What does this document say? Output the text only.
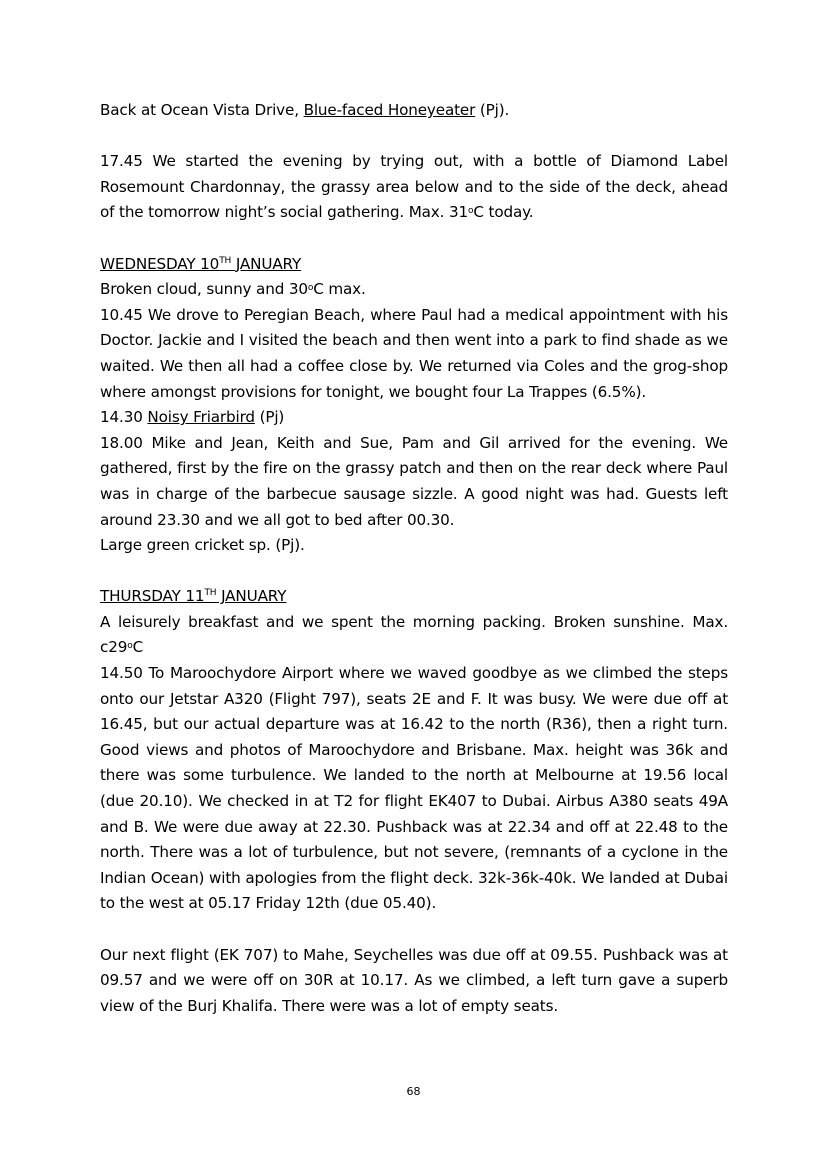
Back at Ocean Vista Drive, Blue-faced Honeyeater (Pj).

17.45 We started the evening by trying out, with a bottle of Diamond Label Rosemount Chardonnay, the grassy area below and to the side of the deck, ahead of the tomorrow night’s social gathering. Max. 31$^o$C today.

WEDNESDAY 10TH JANUARY

Broken cloud, sunny and 30$^o$C max.

10.45 We drove to Peregian Beach, where Paul had a medical appointment with his Doctor. Jackie and I visited the beach and then went into a park to find shade as we waited. We then all had a coffee close by. We returned via Coles and the grog-shop where amongst provisions for tonight, we bought four La Trappes (6.5%).

14.30 Noisy Friarbird (Pj)

18.00 Mike and Jean, Keith and Sue, Pam and Gil arrived for the evening. We gathered, first by the fire on the grassy patch and then on the rear deck where Paul was in charge of the barbecue sausage sizzle. A good night was had. Guests left around 23.30 and we all got to bed after 00.30.

Large green cricket sp. (Pj).

THURSDAY 11TH JANUARY

A leisurely breakfast and we spent the morning packing. Broken sunshine. Max. c29$^o$C

14.50 To Maroochydore Airport where we waved goodbye as we climbed the steps onto our Jetstar A320 (Flight 797), seats 2E and F. It was busy. We were due off at 16.45, but our actual departure was at 16.42 to the north (R36), then a right turn. Good views and photos of Maroochydore and Brisbane. Max. height was 36k and there was some turbulence. We landed to the north at Melbourne at 19.56 local (due 20.10). We checked in at T2 for flight EK407 to Dubai. Airbus A380 seats 49A and B. We were due away at 22.30. Pushback was at 22.34 and off at 22.48 to the north. There was a lot of turbulence, but not severe, (remnants of a cyclone in the Indian Ocean) with apologies from the flight deck. 32k-36k-40k. We landed at Dubai to the west at 05.17 Friday 12th (due 05.40).

Our next flight (EK 707) to Mahe, Seychelles was due off at 09.55. Pushback was at 09.57 and we were off on 30R at 10.17. As we climbed, a left turn gave a superb view of the Burj Khalifa. There were was a lot of empty seats.

68
